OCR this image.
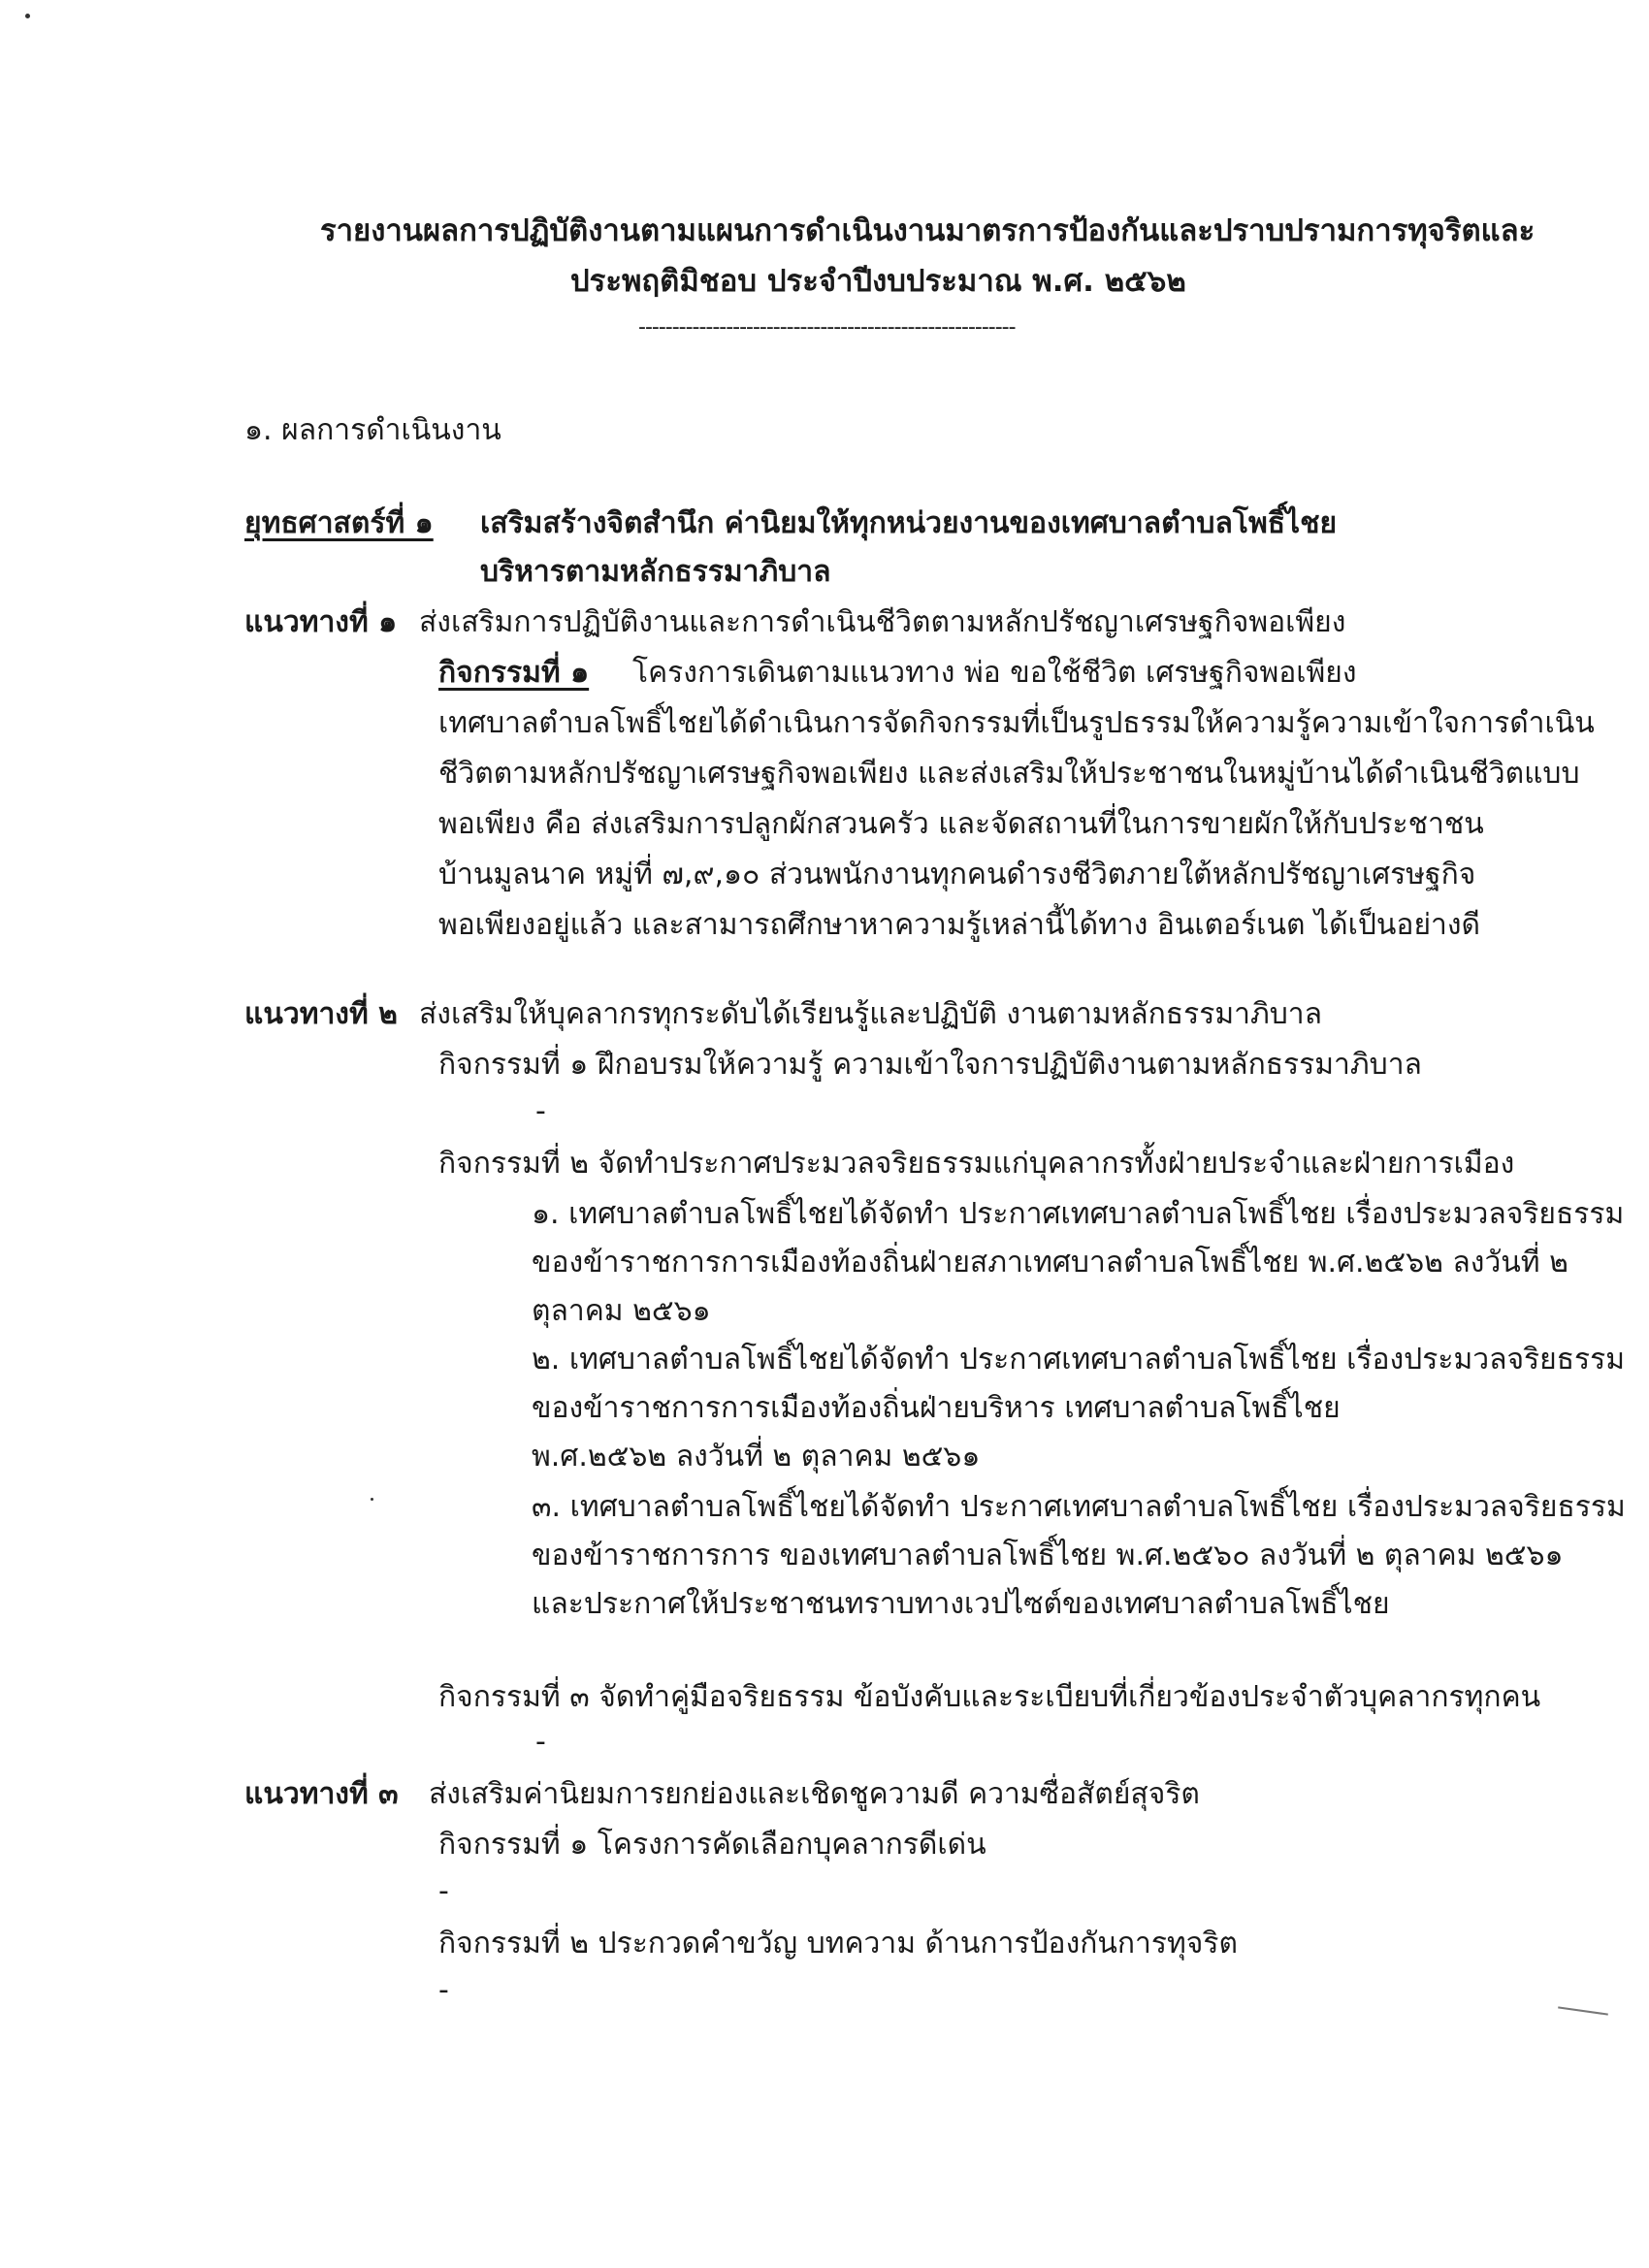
รายงานผลการปฏิบัติงานตามแผนการดำเนินงานมาตรการป้องกันและปราบปรามการทุจริตและ
ประพฤติมิชอบ ประจำปีงบประมาณ พ.ศ. ๒๕๖๒
--------------------------------------------------------
๑. ผลการดำเนินงาน
ยุทธศาสตร์ที่ ๑ เสริมสร้างจิตสำนึก ค่านิยมให้ทุกหน่วยงานของเทศบาลตำบลโพธิ์ไชย
บริหารตามหลักธรรมาภิบาล
แนวทางที่ ๑ ส่งเสริมการปฏิบัติงานและการดำเนินชีวิตตามหลักปรัชญาเศรษฐกิจพอเพียง
กิจกรรมที่ ๑ โครงการเดินตามแนวทาง พ่อ ขอใช้ชีวิต เศรษฐกิจพอเพียง
เทศบาลตำบลโพธิ์ไชยได้ดำเนินการจัดกิจกรรมที่เป็นรูปธรรมให้ความรู้ความเข้าใจการดำเนิน
ชีวิตตามหลักปรัชญาเศรษฐกิจพอเพียง และส่งเสริมให้ประชาชนในหมู่บ้านได้ดำเนินชีวิตแบบ
พอเพียง คือ ส่งเสริมการปลูกผักสวนครัว และจัดสถานที่ในการขายผักให้กับประชาชน
บ้านมูลนาค หมู่ที่ ๗,๙,๑๐ ส่วนพนักงานทุกคนดำรงชีวิตภายใต้หลักปรัชญาเศรษฐกิจ
พอเพียงอยู่แล้ว และสามารถศึกษาหาความรู้เหล่านี้ได้ทาง อินเตอร์เนต ได้เป็นอย่างดี
แนวทางที่ ๒ ส่งเสริมให้บุคลากรทุกระดับได้เรียนรู้และปฏิบัติ งานตามหลักธรรมาภิบาล
กิจกรรมที่ ๑ ฝึกอบรมให้ความรู้ ความเข้าใจการปฏิบัติงานตามหลักธรรมาภิบาล
-
กิจกรรมที่ ๒ จัดทำประกาศประมวลจริยธรรมแก่บุคลากรทั้งฝ่ายประจำและฝ่ายการเมือง
๑. เทศบาลตำบลโพธิ์ไชยได้จัดทำ ประกาศเทศบาลตำบลโพธิ์ไชย เรื่องประมวลจริยธรรม
ของข้าราชการการเมืองท้องถิ่นฝ่ายสภาเทศบาลตำบลโพธิ์ไชย พ.ศ.๒๕๖๒ ลงวันที่ ๒
ตุลาคม ๒๕๖๑
๒. เทศบาลตำบลโพธิ์ไชยได้จัดทำ ประกาศเทศบาลตำบลโพธิ์ไชย เรื่องประมวลจริยธรรม
ของข้าราชการการเมืองท้องถิ่นฝ่ายบริหาร เทศบาลตำบลโพธิ์ไชย
พ.ศ.๒๕๖๒ ลงวันที่ ๒ ตุลาคม ๒๕๖๑
๓. เทศบาลตำบลโพธิ์ไชยได้จัดทำ ประกาศเทศบาลตำบลโพธิ์ไชย เรื่องประมวลจริยธรรม
ของข้าราชการการ ของเทศบาลตำบลโพธิ์ไชย พ.ศ.๒๕๖๐ ลงวันที่ ๒ ตุลาคม ๒๕๖๑
และประกาศให้ประชาชนทราบทางเวปไซต์ของเทศบาลตำบลโพธิ์ไชย
กิจกรรมที่ ๓ จัดทำคู่มือจริยธรรม ข้อบังคับและระเบียบที่เกี่ยวข้องประจำตัวบุคลากรทุกคน
-
แนวทางที่ ๓ ส่งเสริมค่านิยมการยกย่องและเชิดชูความดี ความซื่อสัตย์สุจริต
กิจกรรมที่ ๑ โครงการคัดเลือกบุคลากรดีเด่น
-
กิจกรรมที่ ๒ ประกวดคำขวัญ บทความ ด้านการป้องกันการทุจริต
-
